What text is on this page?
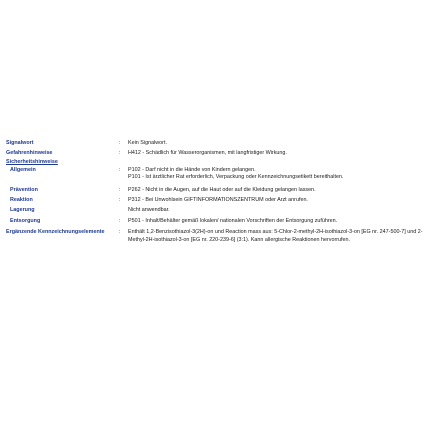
Signalwort	: Kein Signalwort.

Gefahrenhinweise	: H412 - Schädlich für Wasserorganismen, mit langfristiger Wirkung.

Sicherheitshinweise
Allgemein	: P102 - Darf nicht in die Hände von Kindern gelangen.

P101 - Ist ärztlicher Rat erforderlich, Verpackung oder Kennzeichnungsetikett bereithalten.

Prävention	: P262 - Nicht in die Augen, auf die Haut oder auf die Kleidung gelangen lassen.

Reaktion	: P312 - Bei Unwohlsein GIFTINFORMATIONSZENTRUM oder Arzt anrufen.

Lagerung	Nicht anwendbar.

Entsorgung	: P501 - Inhalt/Behälter gemäß lokalen/ nationalen Vorschriften der Entsorgung zuführen.

Ergänzende Kennzeichnungselemente	: Enthält 1,2-Benzisothiazol-3(2H)-on und Reaction mass aus: 5-Chlor-2-methyl-2H-isothiazol-3-on [EG nr. 247-500-7] und 2-Methyl-2H-isothiazol-3-on [EG nr. 220-239-6] (3:1). Kann allergische Reaktionen hervorrufen.
